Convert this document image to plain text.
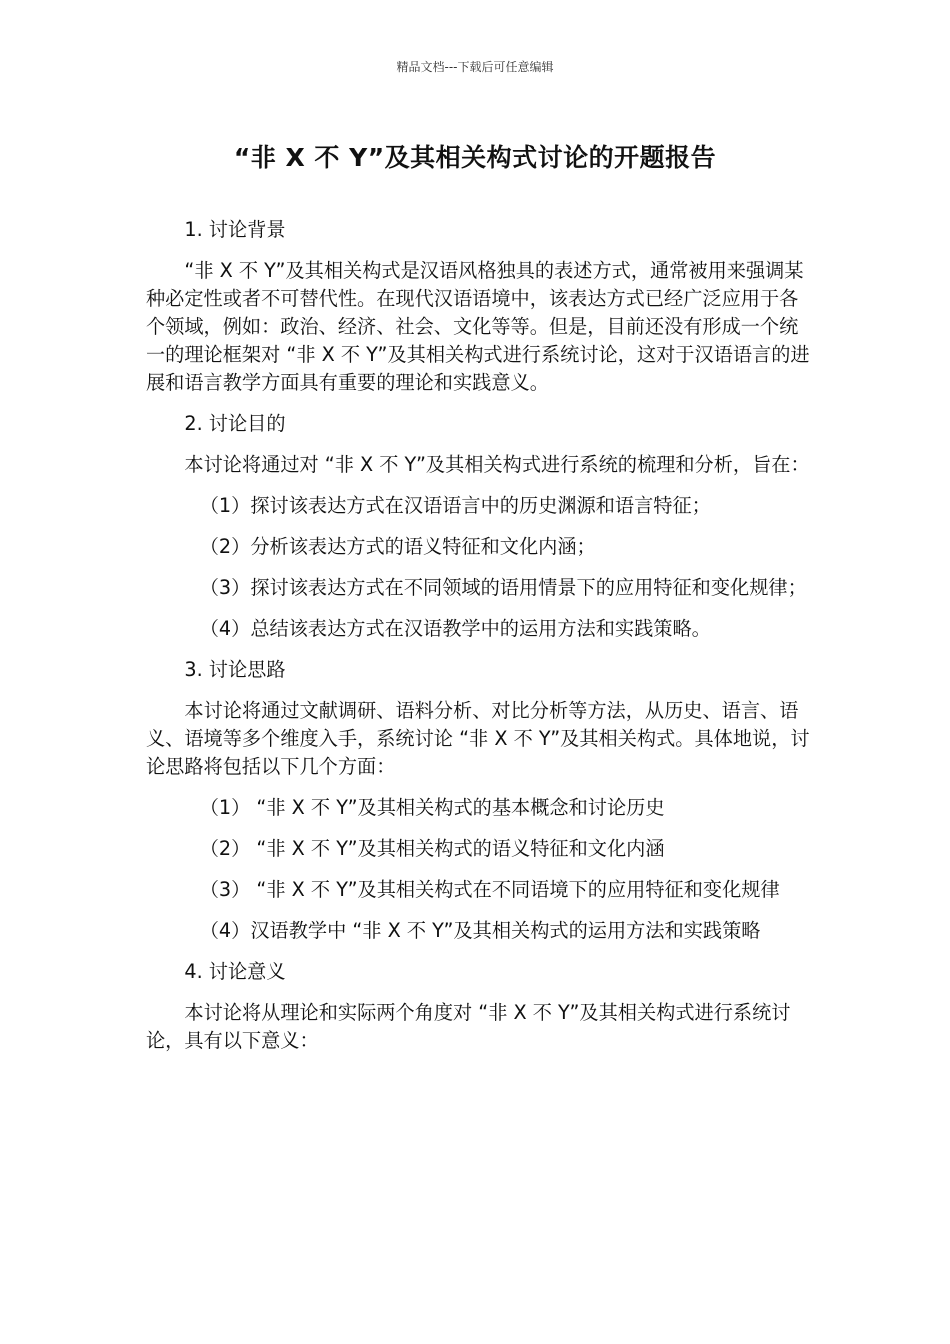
精品文档---下载后可任意编辑
“非 X 不 Y”及其相关构式讨论的开题报告

1. 讨论背景

“非 X 不 Y”及其相关构式是汉语风格独具的表述方式，通常被用来强调某种必定性或者不可替代性。在现代汉语语境中，该表达方式已经广泛应用于各个领域，例如：政治、经济、社会、文化等等。但是，目前还没有形成一个统一的理论框架对 “非 X 不 Y”及其相关构式进行系统讨论，这对于汉语语言的进展和语言教学方面具有重要的理论和实践意义。

2. 讨论目的

本讨论将通过对 “非 X 不 Y”及其相关构式进行系统的梳理和分析，旨在：

（1）探讨该表达方式在汉语语言中的历史渊源和语言特征；

（2）分析该表达方式的语义特征和文化内涵；

（3）探讨该表达方式在不同领域的语用情景下的应用特征和变化规律；

（4）总结该表达方式在汉语教学中的运用方法和实践策略。

3. 讨论思路

本讨论将通过文献调研、语料分析、对比分析等方法，从历史、语言、语义、语境等多个维度入手，系统讨论 “非 X 不 Y”及其相关构式。具体地说，讨论思路将包括以下几个方面：

（1） “非 X 不 Y”及其相关构式的基本概念和讨论历史

（2） “非 X 不 Y”及其相关构式的语义特征和文化内涵

（3） “非 X 不 Y”及其相关构式在不同语境下的应用特征和变化规律

（4）汉语教学中 “非 X 不 Y”及其相关构式的运用方法和实践策略

4. 讨论意义

本讨论将从理论和实际两个角度对 “非 X 不 Y”及其相关构式进行系统讨论，具有以下意义：
